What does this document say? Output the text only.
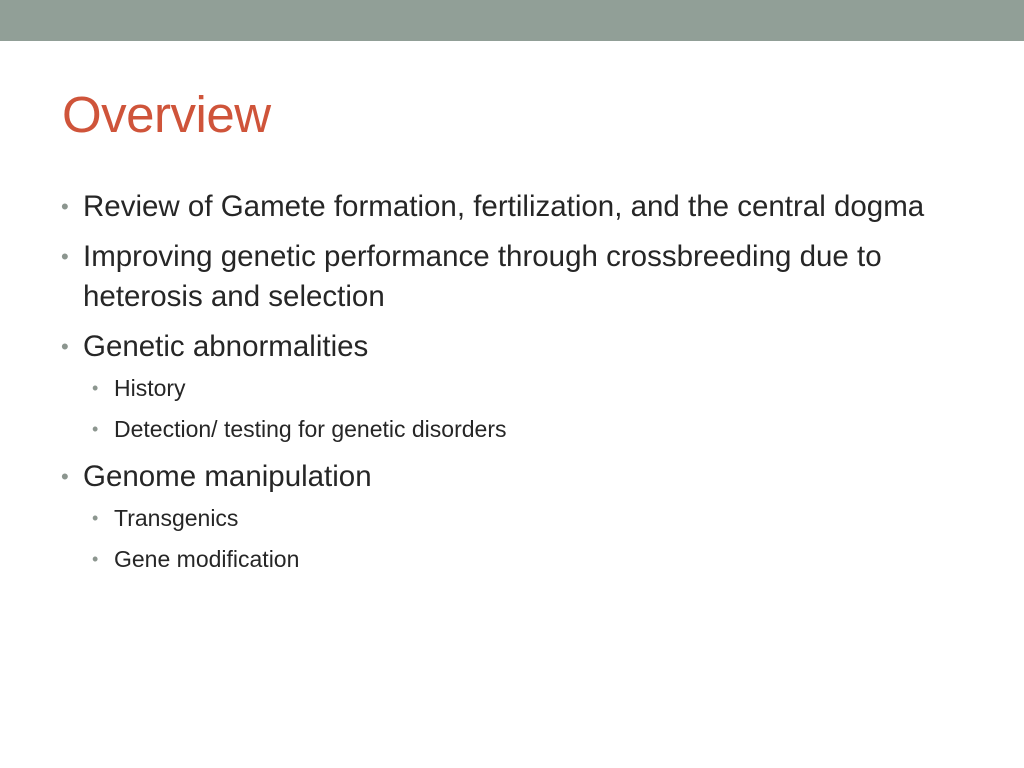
Overview
• Review of Gamete formation, fertilization, and the central dogma
• Improving genetic performance through crossbreeding due to heterosis and selection
• Genetic abnormalities
• History
• Detection/ testing for genetic disorders
• Genome manipulation
• Transgenics
• Gene modification
